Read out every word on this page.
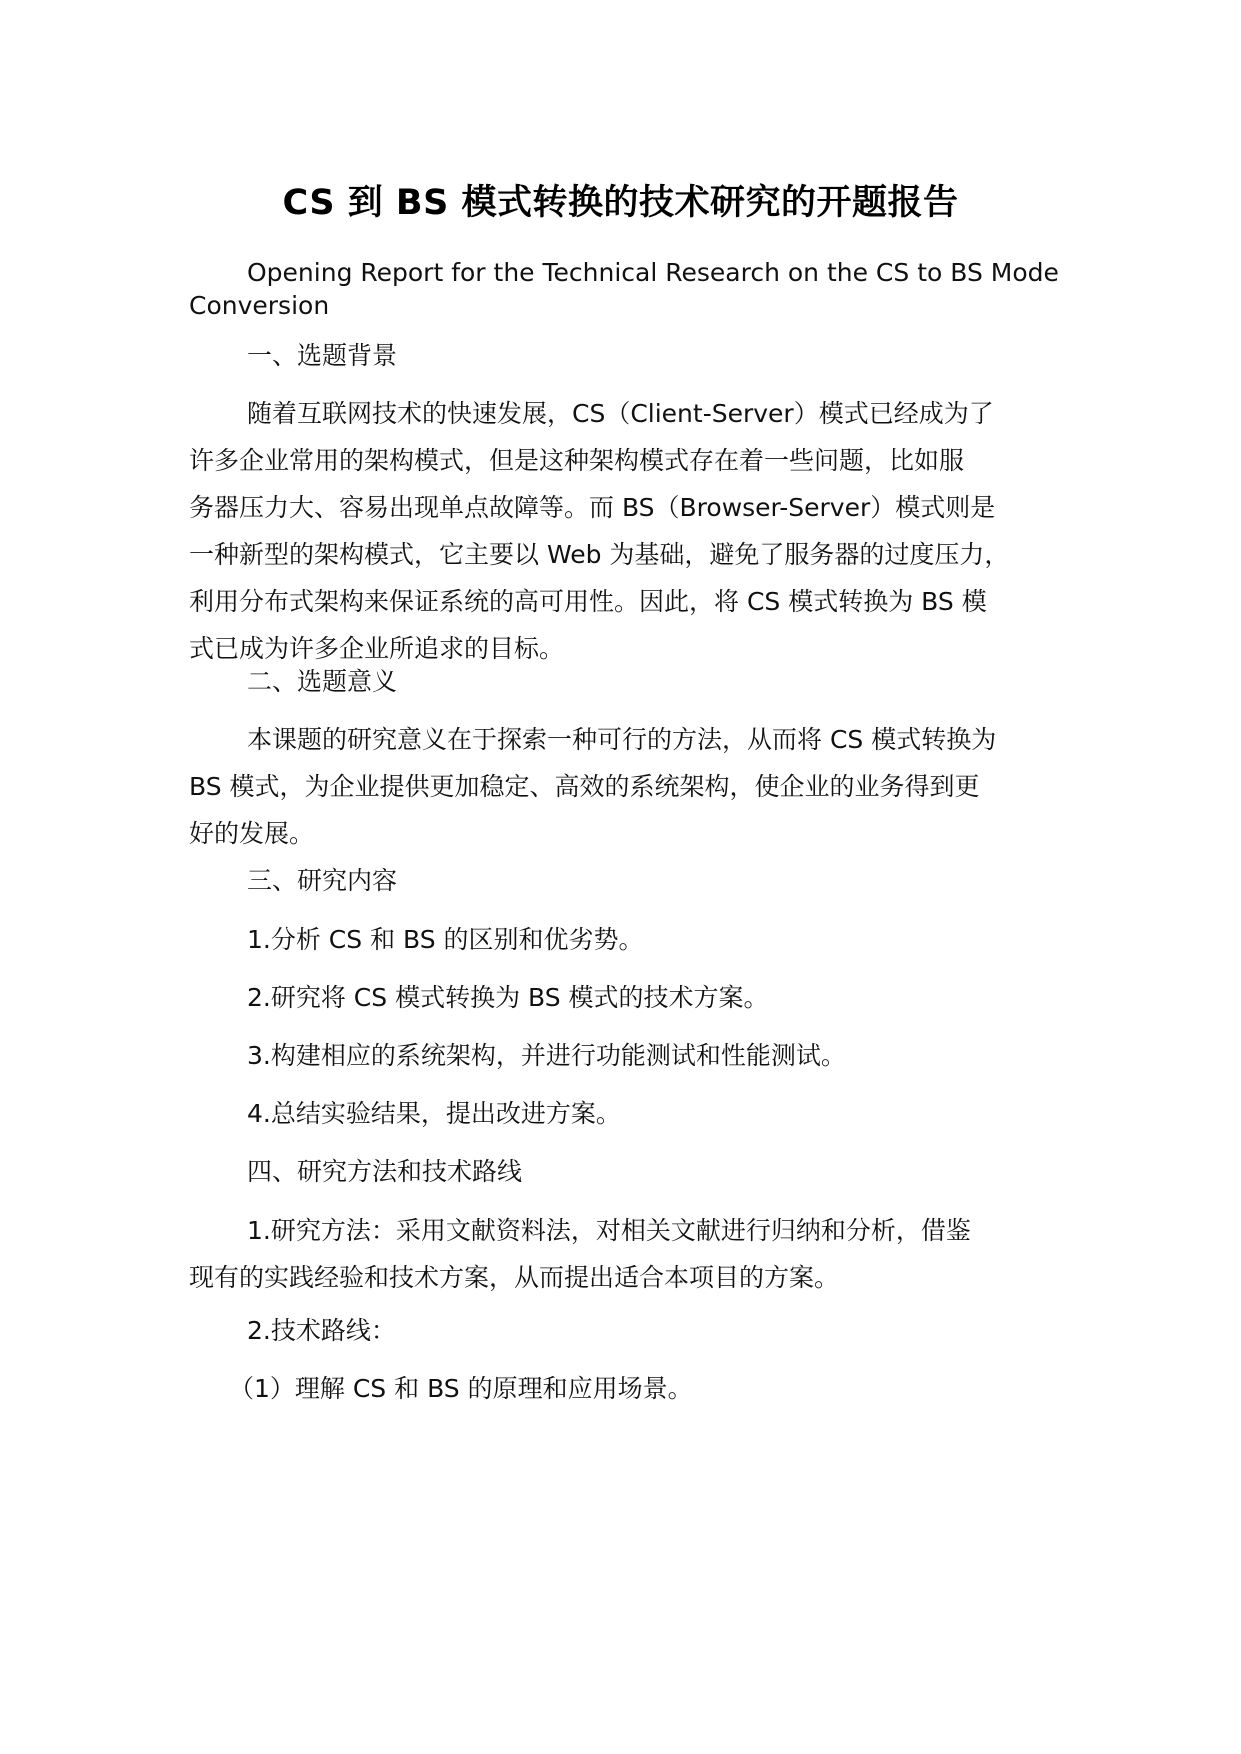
CS 到 BS 模式转换的技术研究的开题报告
Opening Report for the Technical Research on the CS to BS Mode
Conversion
一、选题背景
随着互联网技术的快速发展，CS（Client-Server）模式已经成为了
许多企业常用的架构模式，但是这种架构模式存在着一些问题，比如服
务器压力大、容易出现单点故障等。而 BS（Browser-Server）模式则是
一种新型的架构模式，它主要以 Web 为基础，避免了服务器的过度压力，
利用分布式架构来保证系统的高可用性。因此，将 CS 模式转换为 BS 模
式已成为许多企业所追求的目标。
二、选题意义
本课题的研究意义在于探索一种可行的方法，从而将 CS 模式转换为
BS 模式，为企业提供更加稳定、高效的系统架构，使企业的业务得到更
好的发展。
三、研究内容
1.分析 CS 和 BS 的区别和优劣势。
2.研究将 CS 模式转换为 BS 模式的技术方案。
3.构建相应的系统架构，并进行功能测试和性能测试。
4.总结实验结果，提出改进方案。
四、研究方法和技术路线
1.研究方法：采用文献资料法，对相关文献进行归纳和分析，借鉴
现有的实践经验和技术方案，从而提出适合本项目的方案。
2.技术路线：
（1）理解 CS 和 BS 的原理和应用场景。
